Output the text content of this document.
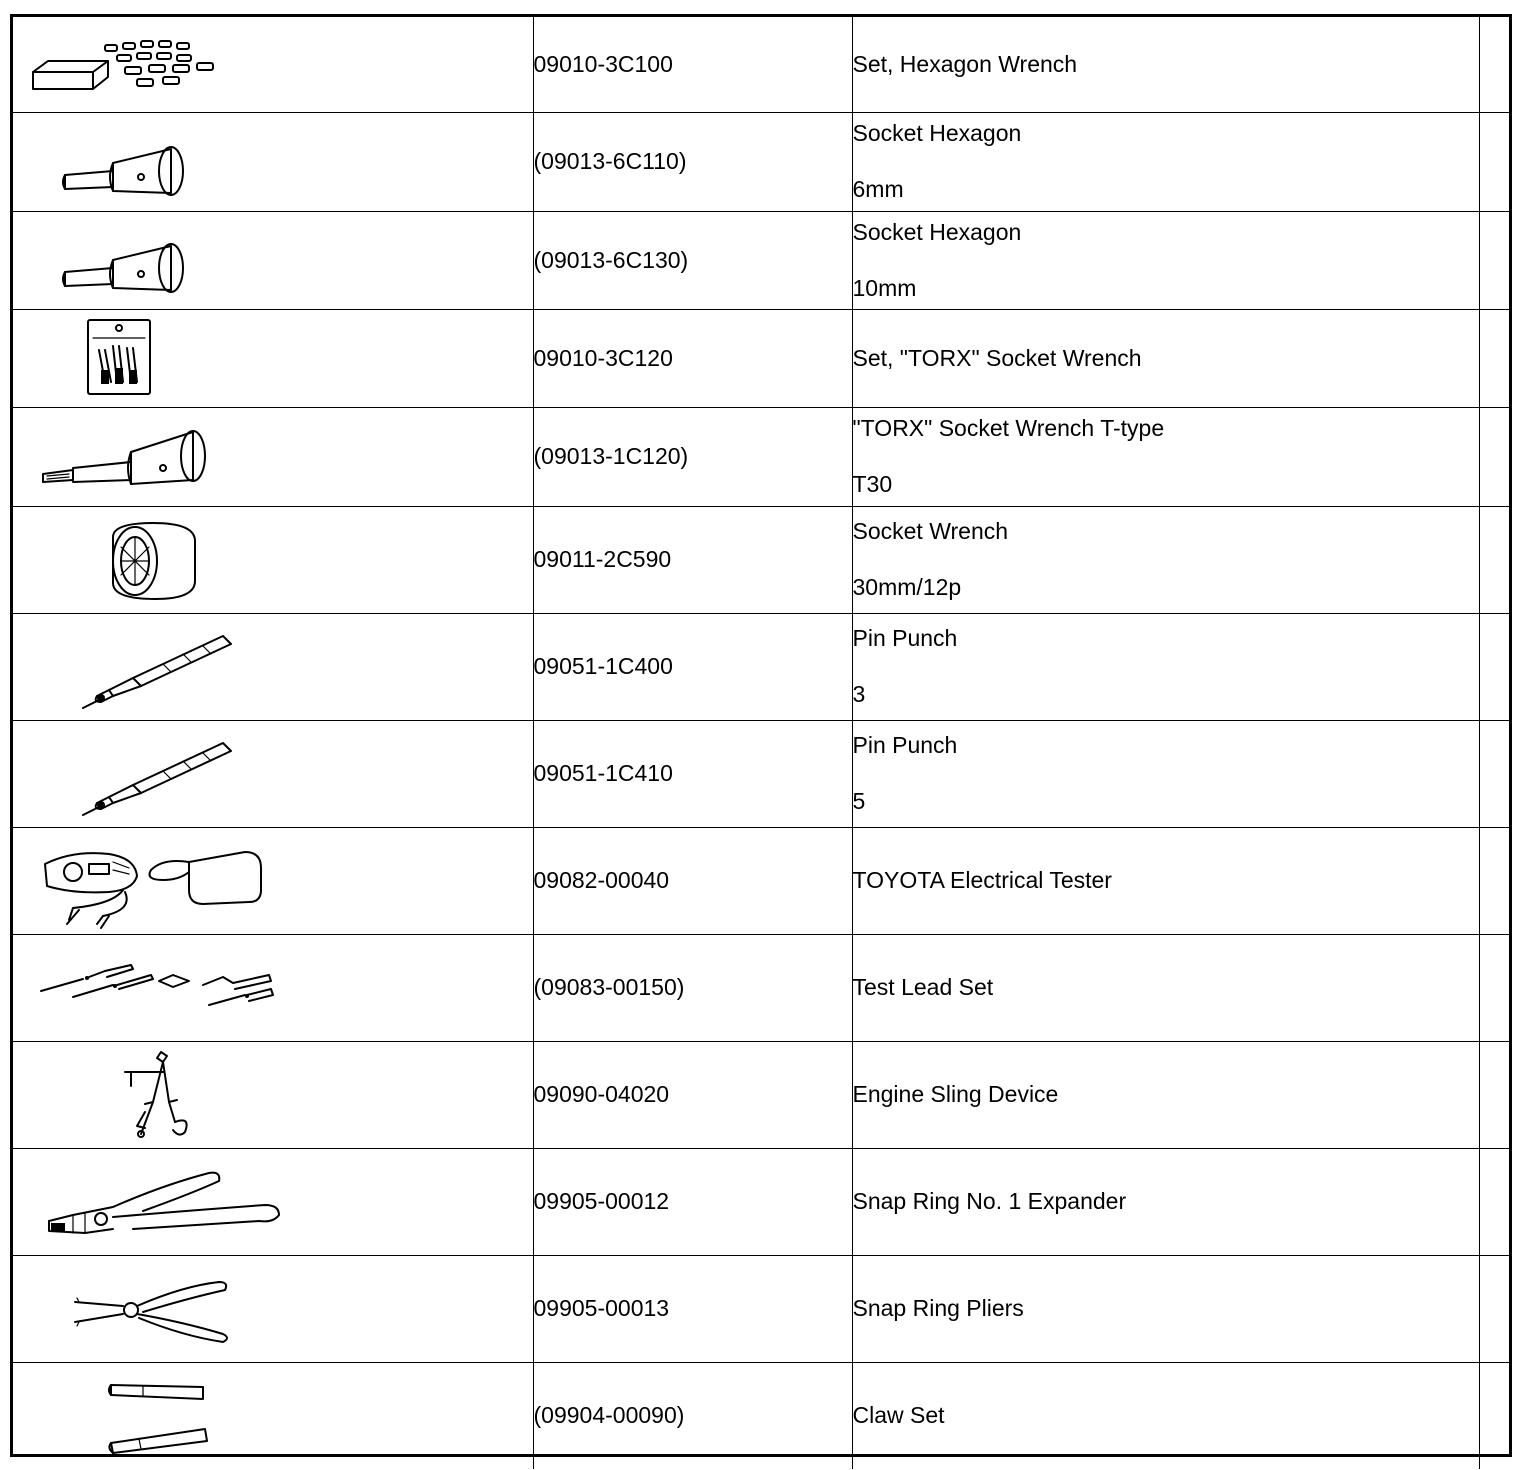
	09010-3C100	Set, Hexagon Wrench	

	(09013-6C110)	Socket Hexagon
6mm	

	(09013-6C130)	Socket Hexagon
10mm	

	09010-3C120	Set, "TORX" Socket Wrench	

	(09013-1C120)	"TORX" Socket Wrench T-type
T30	

	09011-2C590	Socket Wrench
30mm/12p	

	09051-1C400	Pin Punch
3	

	09051-1C410	Pin Punch
5	

	09082-00040	TOYOTA Electrical Tester	

	(09083-00150)	Test Lead Set	

	09090-04020	Engine Sling Device	

	09905-00012	Snap Ring No. 1 Expander	

	09905-00013	Snap Ring Pliers	

	(09904-00090)	Claw Set	
